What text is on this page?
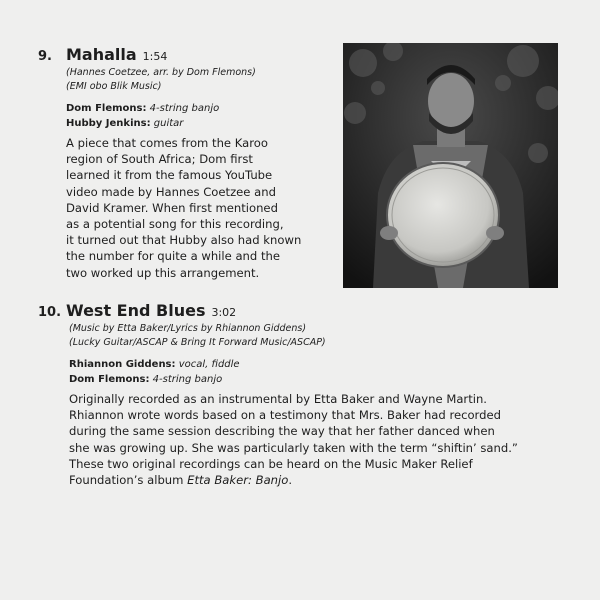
9. Mahalla 1:54
(Hannes Coetzee, arr. by Dom Flemons)
(EMI obo Blik Music)
Dom Flemons: 4-string banjo
Hubby Jenkins: guitar
A piece that comes from the Karoo
region of South Africa; Dom first
learned it from the famous YouTube
video made by Hannes Coetzee and
David Kramer. When first mentioned
as a potential song for this recording,
it turned out that Hubby also had known
the number for quite a while and the
two worked up this arrangement.
10. West End Blues 3:02
(Music by Etta Baker/Lyrics by Rhiannon Giddens)
(Lucky Guitar/ASCAP & Bring It Forward Music/ASCAP)
Rhiannon Giddens: vocal, fiddle
Dom Flemons: 4-string banjo
Originally recorded as an instrumental by Etta Baker and Wayne Martin.
Rhiannon wrote words based on a testimony that Mrs. Baker had recorded
during the same session describing the way that her father danced when
she was growing up. She was particularly taken with the term “shiftin’ sand.”
These two original recordings can be heard on the Music Maker Relief
Foundation’s album Etta Baker: Banjo.
